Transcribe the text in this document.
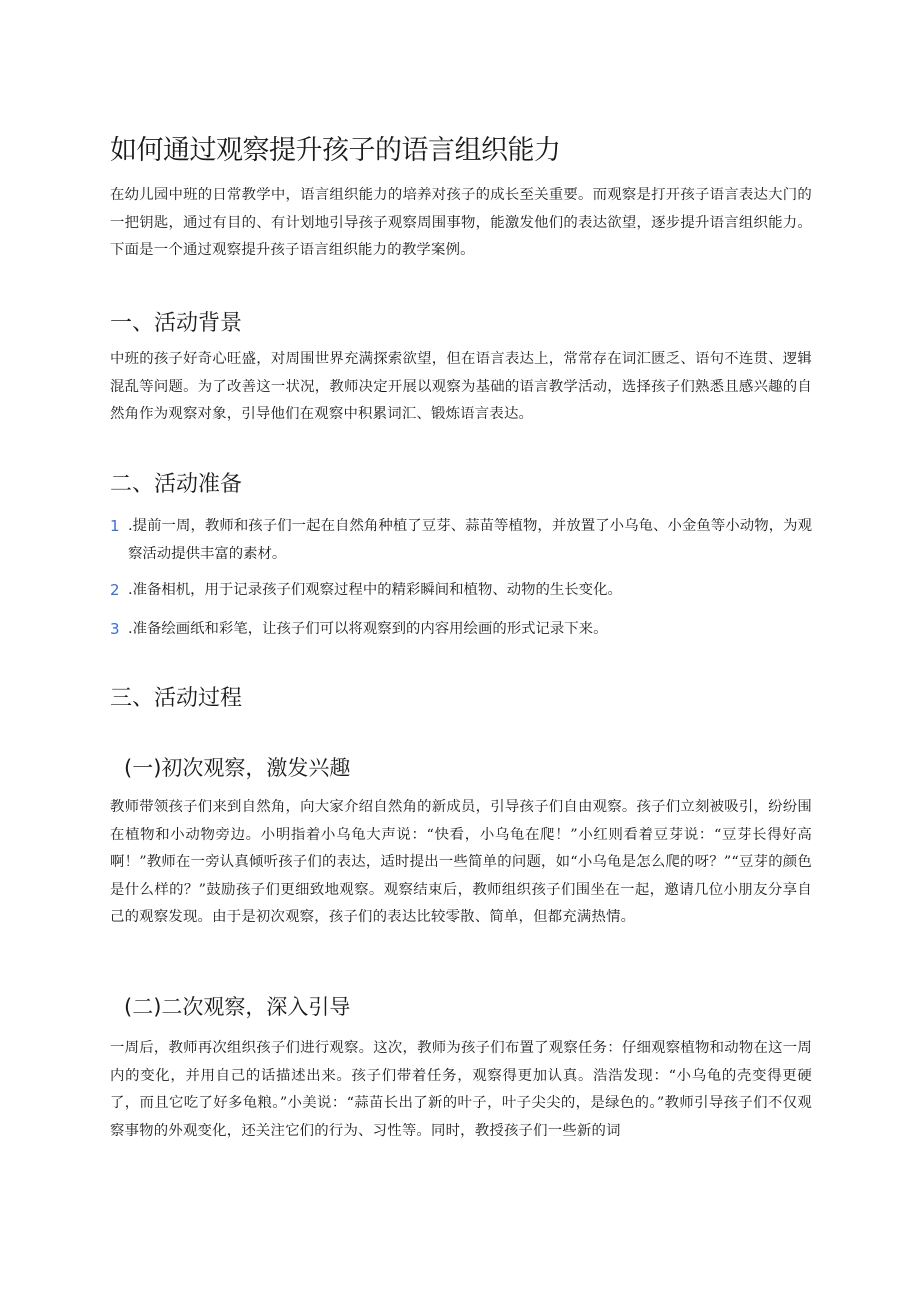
如何通过观察提升孩子的语言组织能力

在幼儿园中班的日常教学中，语言组织能力的培养对孩子的成长至关重要。而观察是打开孩子语言表达大门的一把钥匙，通过有目的、有计划地引导孩子观察周围事物，能激发他们的表达欲望，逐步提升语言组织能力。下面是一个通过观察提升孩子语言组织能力的教学案例。

一、活动背景

中班的孩子好奇心旺盛，对周围世界充满探索欲望，但在语言表达上，常常存在词汇匮乏、语句不连贯、逻辑混乱等问题。为了改善这一状况，教师决定开展以观察为基础的语言教学活动，选择孩子们熟悉且感兴趣的自然角作为观察对象，引导他们在观察中积累词汇、锻炼语言表达。

二、活动准备
1 .提前一周，教师和孩子们一起在自然角种植了豆芽、蒜苗等植物，并放置了小乌龟、小金鱼等小动物，为观察活动提供丰富的素材。
2 .准备相机，用于记录孩子们观察过程中的精彩瞬间和植物、动物的生长变化。
3 .准备绘画纸和彩笔，让孩子们可以将观察到的内容用绘画的形式记录下来。
三、活动过程
(一)初次观察，激发兴趣

教师带领孩子们来到自然角，向大家介绍自然角的新成员，引导孩子们自由观察。孩子们立刻被吸引，纷纷围在植物和小动物旁边。小明指着小乌龟大声说：“快看，小乌龟在爬！”小红则看着豆芽说：“豆芽长得好高啊！”教师在一旁认真倾听孩子们的表达，适时提出一些简单的问题，如“小乌龟是怎么爬的呀？”“豆芽的颜色是什么样的？”鼓励孩子们更细致地观察。观察结束后，教师组织孩子们围坐在一起，邀请几位小朋友分享自己的观察发现。由于是初次观察，孩子们的表达比较零散、简单，但都充满热情。

(二)二次观察，深入引导

一周后，教师再次组织孩子们进行观察。这次，教师为孩子们布置了观察任务：仔细观察植物和动物在这一周内的变化，并用自己的话描述出来。孩子们带着任务，观察得更加认真。浩浩发现：“小乌龟的壳变得更硬了，而且它吃了好多龟粮。”小美说：“蒜苗长出了新的叶子，叶子尖尖的，是绿色的。”教师引导孩子们不仅观察事物的外观变化，还关注它们的行为、习性等。同时，教授孩子们一些新的词
